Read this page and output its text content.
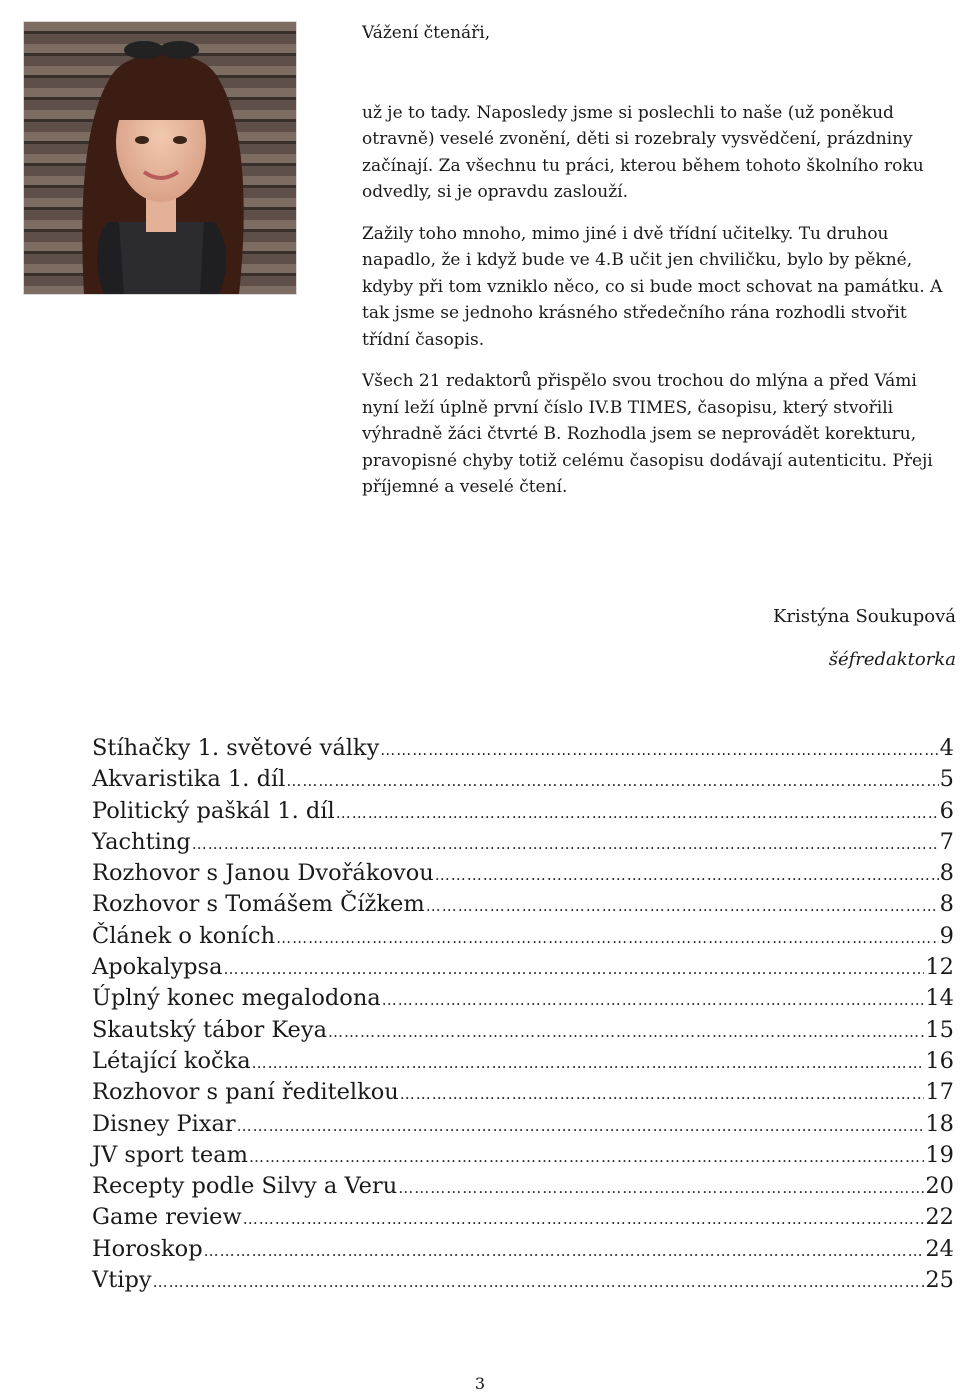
Vážení čtenáři,

už je to tady. Naposledy jsme si poslechli to naše (už poněkud otravně) veselé zvonění, děti si rozebraly vysvědčení, prázdniny začínají. Za všechnu tu práci, kterou během tohoto školního roku odvedly, si je opravdu zaslouží.

Zažily toho mnoho, mimo jiné i dvě třídní učitelky. Tu druhou napadlo, že i když bude ve 4.B učit jen chviličku, bylo by pěkné, kdyby při tom vzniklo něco, co si bude moct schovat na památku. A tak jsme se jednoho krásného středečního rána rozhodli stvořit třídní časopis.

Všech 21 redaktorů přispělo svou trochou do mlýna a před Vámi nyní leží úplně první číslo IV.B TIMES, časopisu, který stvořili výhradně žáci čtvrté B. Rozhodla jsem se neprovádět korekturu, pravopisné chyby totiž celému časopisu dodávají autenticitu. Přeji příjemné a veselé čtení.

Kristýna Soukupová
šéfredaktorka
Stíhačky 1. světové války ……………………………………………………………………………………………………………………………………………………………………	4
Akvaristika 1. díl ……………………………………………………………………………………………………………………………………………………………………	5
Politický paškál 1. díl ……………………………………………………………………………………………………………………………………………………………………	6
Yachting ……………………………………………………………………………………………………………………………………………………………………	7
Rozhovor s Janou Dvořákovou ……………………………………………………………………………………………………………………………………………………………………	8
Rozhovor s Tomášem Čížkem ……………………………………………………………………………………………………………………………………………………………………	8
Článek o koních ……………………………………………………………………………………………………………………………………………………………………	9
Apokalypsa ……………………………………………………………………………………………………………………………………………………………………	12
Úplný konec megalodona ……………………………………………………………………………………………………………………………………………………………………	14
Skautský tábor Keya ……………………………………………………………………………………………………………………………………………………………………	15
Létající kočka ……………………………………………………………………………………………………………………………………………………………………	16
Rozhovor s paní ředitelkou ……………………………………………………………………………………………………………………………………………………………………	17
Disney Pixar ……………………………………………………………………………………………………………………………………………………………………	18
JV sport team ……………………………………………………………………………………………………………………………………………………………………	19
Recepty podle Silvy a Veru ……………………………………………………………………………………………………………………………………………………………………	20
Game review ……………………………………………………………………………………………………………………………………………………………………	22
Horoskop ……………………………………………………………………………………………………………………………………………………………………	24
Vtipy ……………………………………………………………………………………………………………………………………………………………………	25
3
